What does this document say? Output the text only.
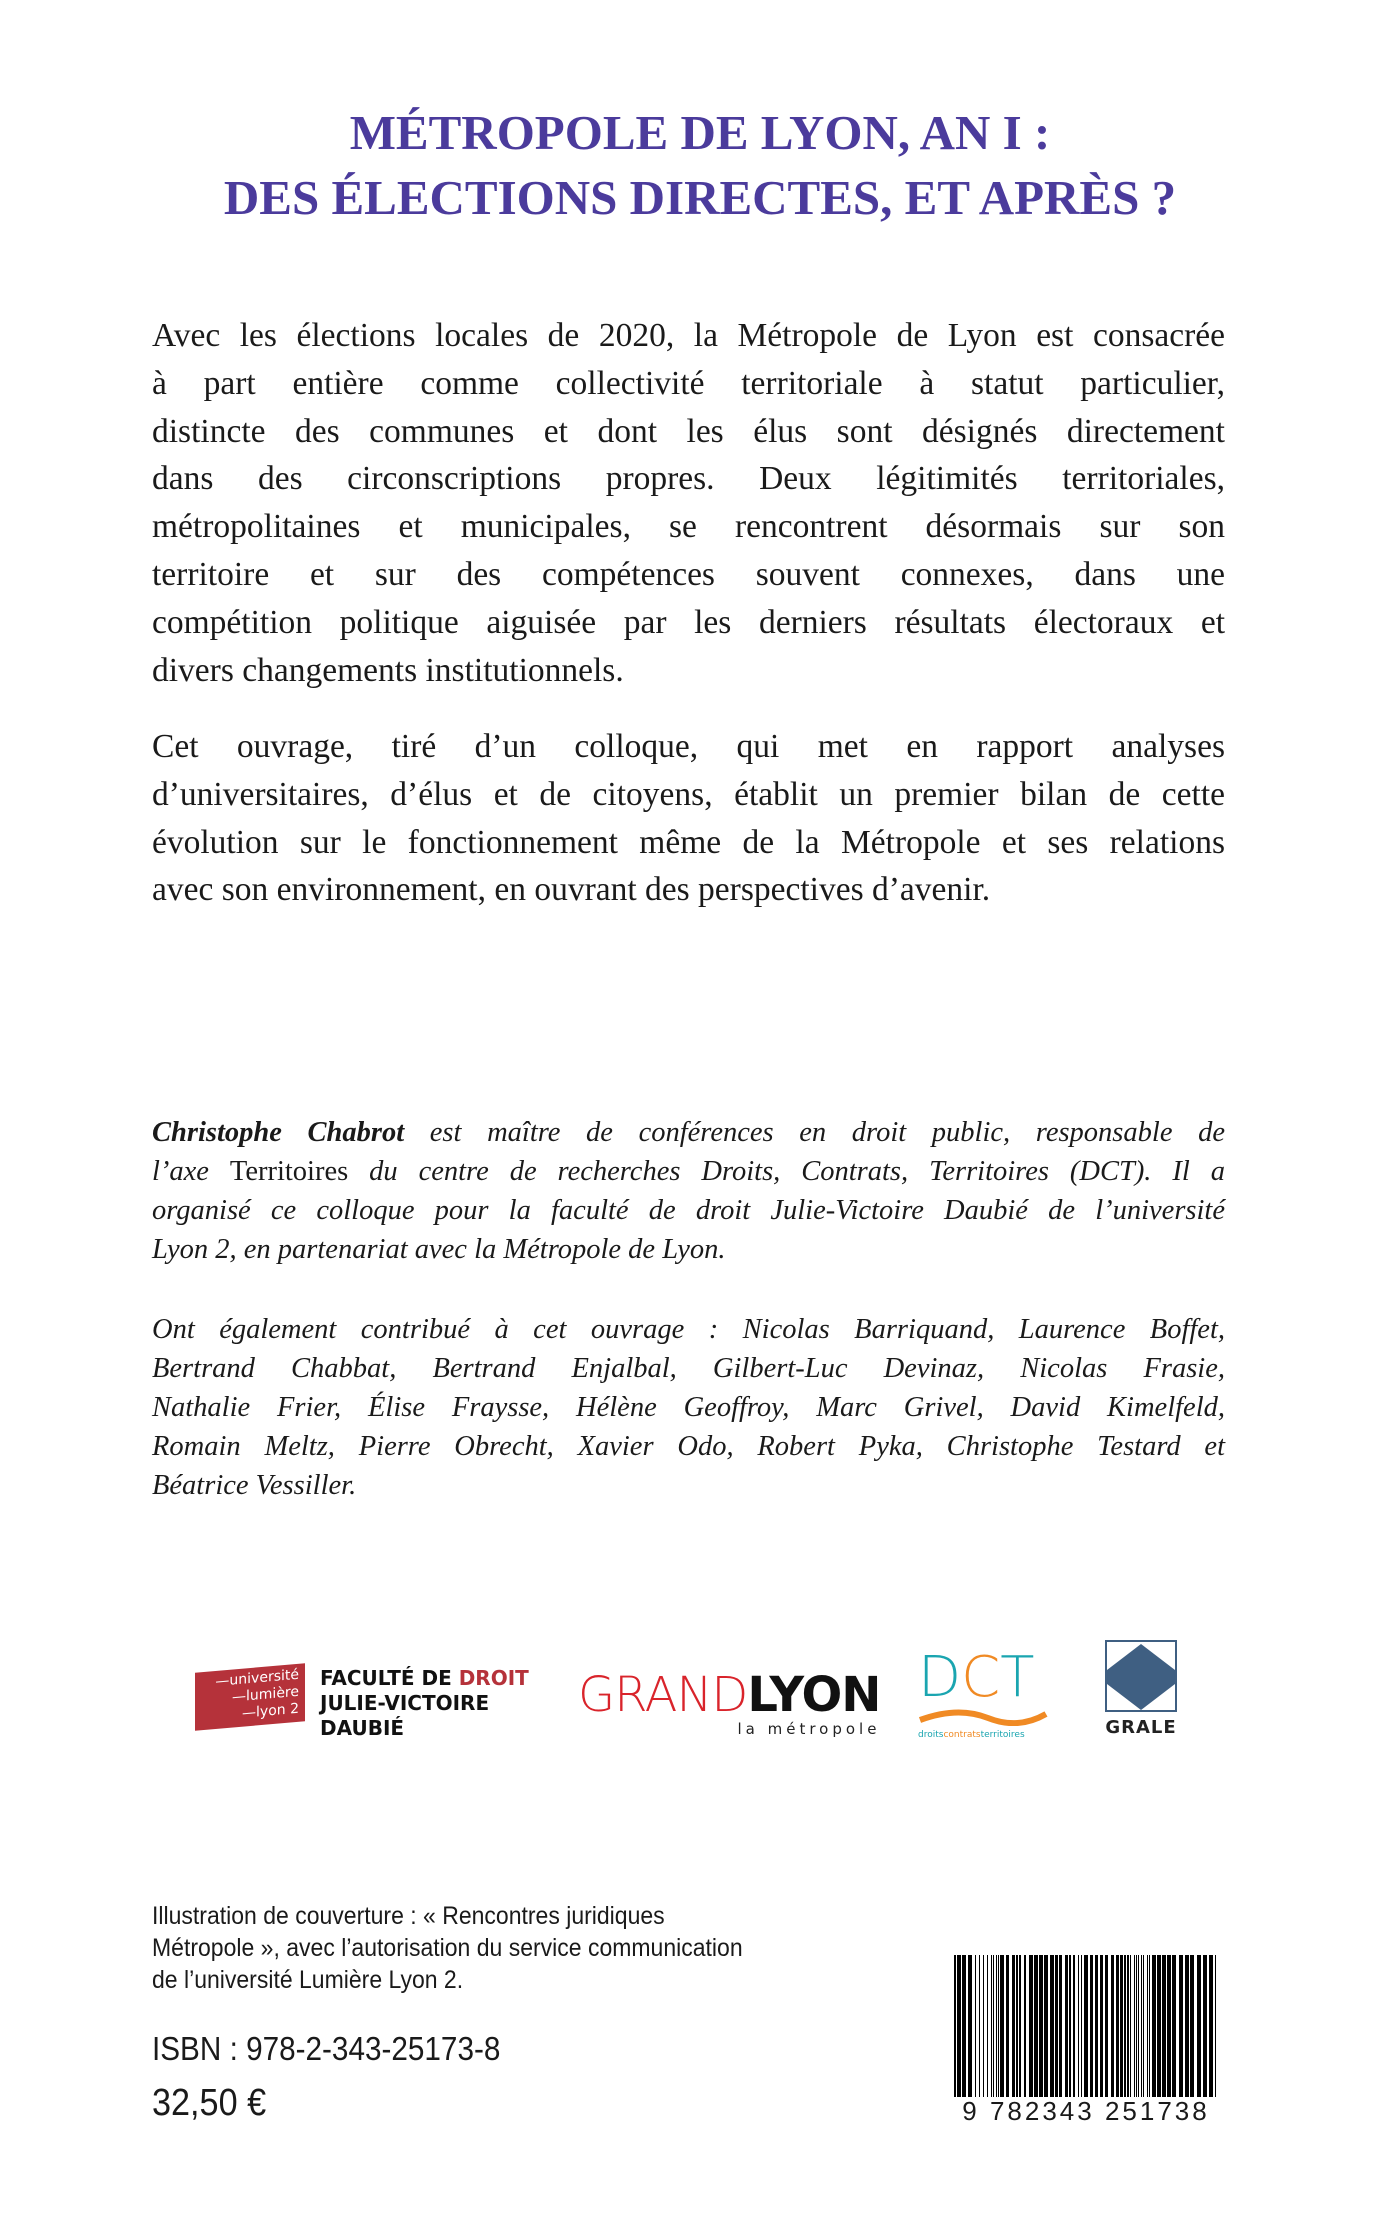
MÉTROPOLE DE LYON, AN I :
DES ÉLECTIONS DIRECTES, ET APRÈS ?
Avec les élections locales de 2020, la Métropole de Lyon est consacrée
à part entière comme collectivité territoriale à statut particulier,
distincte des communes et dont les élus sont désignés directement
dans des circonscriptions propres. Deux légitimités territoriales,
métropolitaines et municipales, se rencontrent désormais sur son
territoire et sur des compétences souvent connexes, dans une
compétition politique aiguisée par les derniers résultats électoraux et
divers changements institutionnels.
Cet ouvrage, tiré d’un colloque, qui met en rapport analyses
d’universitaires, d’élus et de citoyens, établit un premier bilan de cette
évolution sur le fonctionnement même de la Métropole et ses relations
avec son environnement, en ouvrant des perspectives d’avenir.
Christophe Chabrot est maître de conférences en droit public, responsable de
l’axe Territoires du centre de recherches Droits, Contrats, Territoires (DCT). Il a
organisé ce colloque pour la faculté de droit Julie-Victoire Daubié de l’université
Lyon 2, en partenariat avec la Métropole de Lyon.
Ont également contribué à cet ouvrage : Nicolas Barriquand, Laurence Boffet,
Bertrand Chabbat, Bertrand Enjalbal, Gilbert-Luc Devinaz, Nicolas Frasie,
Nathalie Frier, Élise Fraysse, Hélène Geoffroy, Marc Grivel, David Kimelfeld,
Romain Meltz, Pierre Obrecht, Xavier Odo, Robert Pyka, Christophe Testard et
Béatrice Vessiller.
—université
—lumière
—lyon 2
FACULTÉ DE DROIT
JULIE-VICTOIRE
DAUBIÉ
GRANDLYON
la métropole
DCT
droitscontratsterritoires	GRALE
Illustration de couverture : « Rencontres juridiques
Métropole », avec l’autorisation du service communication
de l’université Lumière Lyon 2.
ISBN : 978-2-343-25173-8
32,50 €	9 782343 251738
